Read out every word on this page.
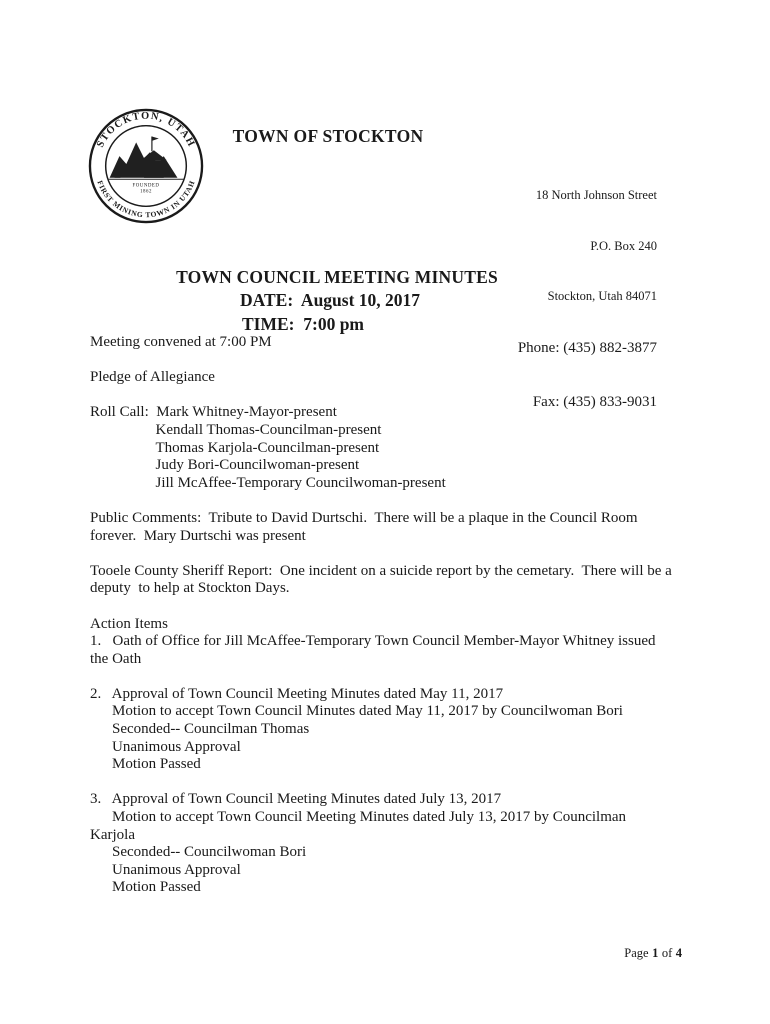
STOCKTON, UTAH
FIRST MINING TOWN IN UTAH
FOUNDED
1862
TOWN OF STOCKTON

18 North Johnson Street

P.O. Box 240

Stockton, Utah 84071

Phone: (435) 882-3877

Fax: (435) 833-9031

TOWN COUNCIL MEETING MINUTES
DATE:  August 10, 2017
TIME:  7:00 pm
Meeting convened at 7:00 PM
Pledge of Allegiance
Roll Call:  Mark Whitney-Mayor-present
Kendall Thomas-Councilman-present
Thomas Karjola-Councilman-present
Judy Bori-Councilwoman-present
Jill McAffee-Temporary Councilwoman-present
Public Comments:  Tribute to David Durtschi.  There will be a plaque in the Council Room
forever.  Mary Durtschi was present
Tooele County Sheriff Report:  One incident on a suicide report by the cemetary.  There will be a
deputy  to help at Stockton Days.
Action Items
1.   Oath of Office for Jill McAffee-Temporary Town Council Member-Mayor Whitney issued
the Oath
2.   Approval of Town Council Meeting Minutes dated May 11, 2017
Motion to accept Town Council Minutes dated May 11, 2017 by Councilwoman Bori
Seconded-- Councilman Thomas
Unanimous Approval
Motion Passed
3.   Approval of Town Council Meeting Minutes dated July 13, 2017
Motion to accept Town Council Meeting Minutes dated July 13, 2017 by Councilman
Karjola
Seconded-- Councilwoman Bori
Unanimous Approval
Motion Passed
Page 1 of 4
